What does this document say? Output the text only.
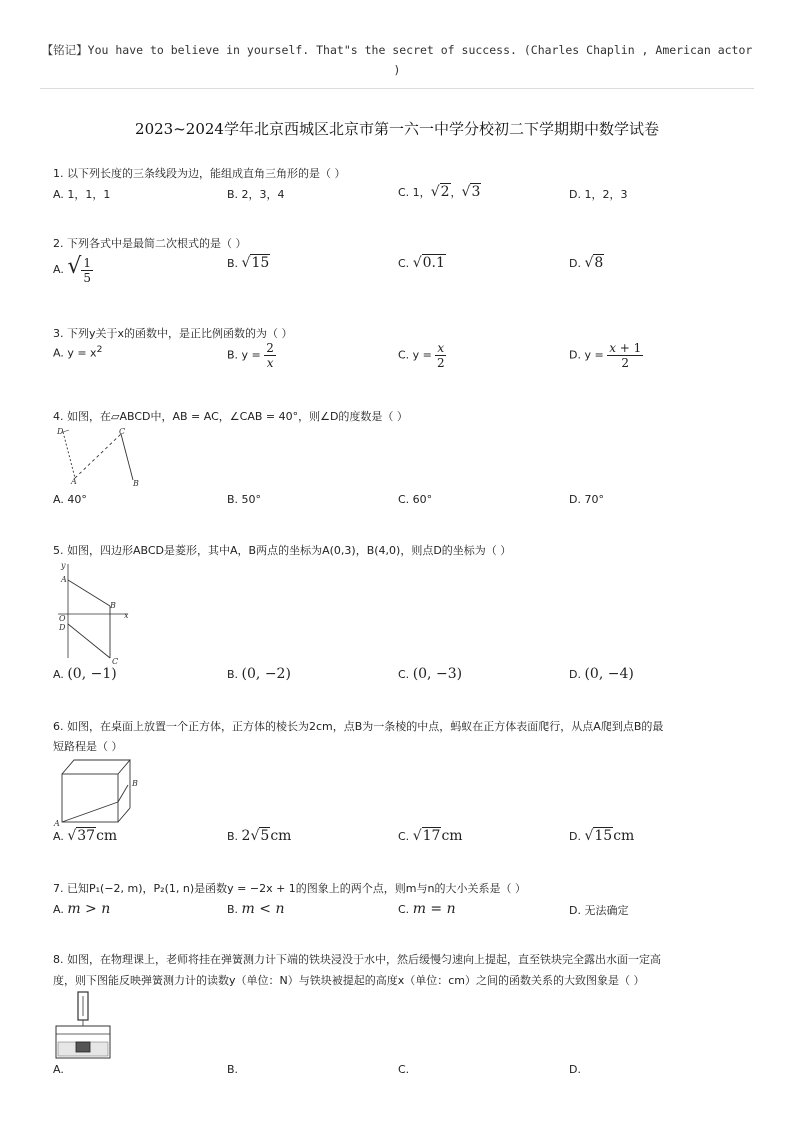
【铭记】You have to believe in yourself. That"s the secret of success. (Charles Chaplin , American actor )
2023~2024学年北京西城区北京市第一六一中学分校初二下学期期中数学试卷
1. 以下列长度的三条线段为边，能组成直角三角形的是（ ）
A. 1，1，1	B. 2，3，4	C. 1，√2，√3	D. 1，2，3
2. 下列各式中是最简二次根式的是（ ）
A. √ $\frac{1}{5}$	B. √15	C. √0.1	D. √8
3. 下列y关于x的函数中，是正比例函数的为（ ）
A. $y = x^2$	B. $y = \frac{2}{x}$	C. $y = \frac{x}{2}$	D. $y = \frac{x + 1}{2}$
4. 如图，在▱ABCD中，AB = AC，∠CAB = 40°，则∠D的度数是（ ）
D	C
A	B
A. 40°	B. 50°	C. 60°	D. 70°
5. 如图，四边形ABCD是菱形，其中A，B两点的坐标为A(0,3)，B(4,0)，则点D的坐标为（ ）
y
A
B
O	x
D
C
A. (0, −1)	B. (0, −2)	C. (0, −3)	D. (0, −4)
6. 如图，在桌面上放置一个正方体，正方体的棱长为2cm，点B为一条棱的中点，蚂蚁在正方体表面爬行，从点A爬到点B的最
短路程是（ ）
B
A
A. √37cm	B. 2√5cm	C. √17cm	D. √15cm
7. 已知P₁(−2, m)，P₂(1, n)是函数y = −2x + 1的图象上的两个点，则m与n的大小关系是（ ）
A. m > n	B. m < n	C. m = n	D. 无法确定
8. 如图，在物理课上，老师将挂在弹簧测力计下端的铁块浸没于水中，然后缓慢匀速向上提起，直至铁块完全露出水面一定高
度，则下图能反映弹簧测力计的读数y（单位：N）与铁块被提起的高度x（单位：cm）之间的函数关系的大致图象是（ ）
A.	B.	C.	D.
